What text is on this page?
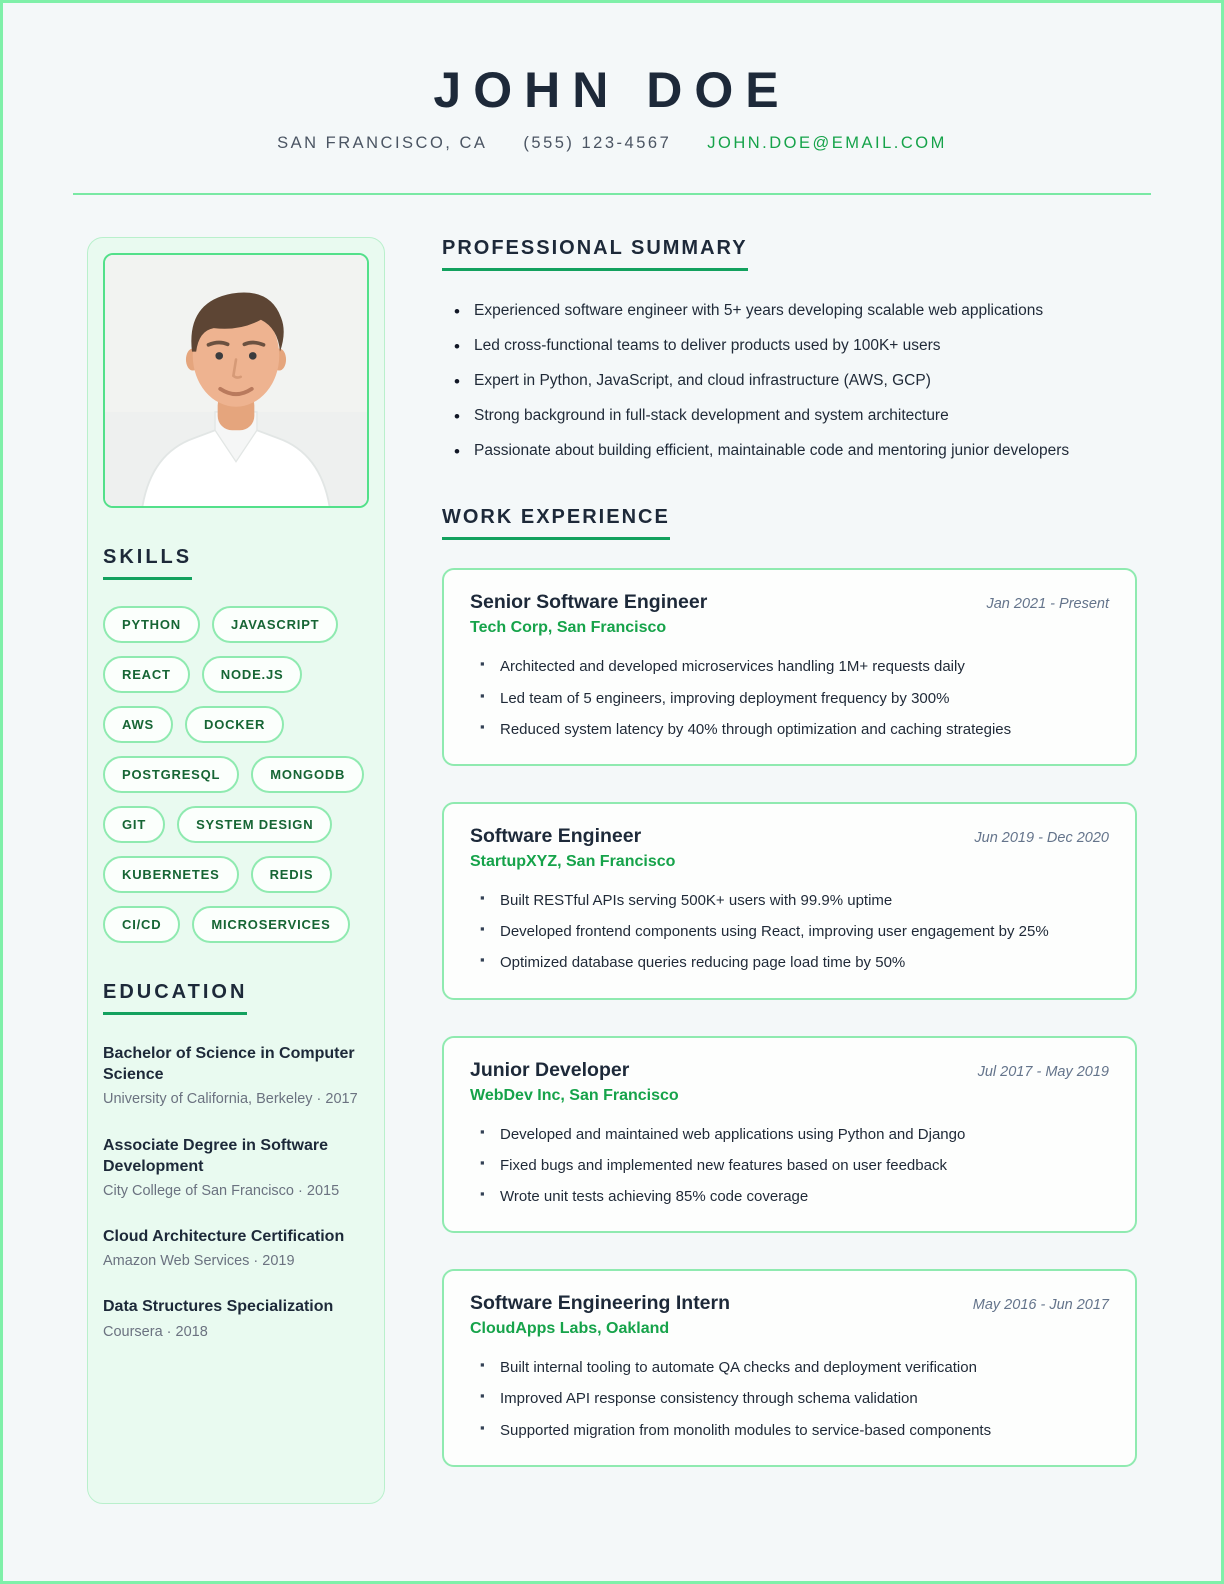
JOHN DOE
SAN FRANCISCO, CA (555) 123-4567 JOHN.DOE@EMAIL.COM
SKILLS
PYTHON	JAVASCRIPT
REACT	NODE.JS
AWS	DOCKER
POSTGRESQL	MONGODB
GIT	SYSTEM DESIGN
KUBERNETES	REDIS
CI/CD	MICROSERVICES
EDUCATION
Bachelor of Science in Computer Science

University of California, Berkeley · 2017

Associate Degree in Software Development

City College of San Francisco · 2015

Cloud Architecture Certification

Amazon Web Services · 2019

Data Structures Specialization

Coursera · 2018

PROFESSIONAL SUMMARY
• Experienced software engineer with 5+ years developing scalable web applications
• Led cross-functional teams to deliver products used by 100K+ users
• Expert in Python, JavaScript, and cloud infrastructure (AWS, GCP)
• Strong background in full-stack development and system architecture
• Passionate about building efficient, maintainable code and mentoring junior developers
WORK EXPERIENCE
Senior Software Engineer	Jan 2021 - Present
Tech Corp, San Francisco
▪ Architected and developed microservices handling 1M+ requests daily
▪ Led team of 5 engineers, improving deployment frequency by 300%
▪ Reduced system latency by 40% through optimization and caching strategies
Software Engineer	Jun 2019 - Dec 2020
StartupXYZ, San Francisco
▪ Built RESTful APIs serving 500K+ users with 99.9% uptime
▪ Developed frontend components using React, improving user engagement by 25%
▪ Optimized database queries reducing page load time by 50%
Junior Developer	Jul 2017 - May 2019
WebDev Inc, San Francisco
▪ Developed and maintained web applications using Python and Django
▪ Fixed bugs and implemented new features based on user feedback
▪ Wrote unit tests achieving 85% code coverage
Software Engineering Intern	May 2016 - Jun 2017
CloudApps Labs, Oakland
▪ Built internal tooling to automate QA checks and deployment verification
▪ Improved API response consistency through schema validation
▪ Supported migration from monolith modules to service-based components
